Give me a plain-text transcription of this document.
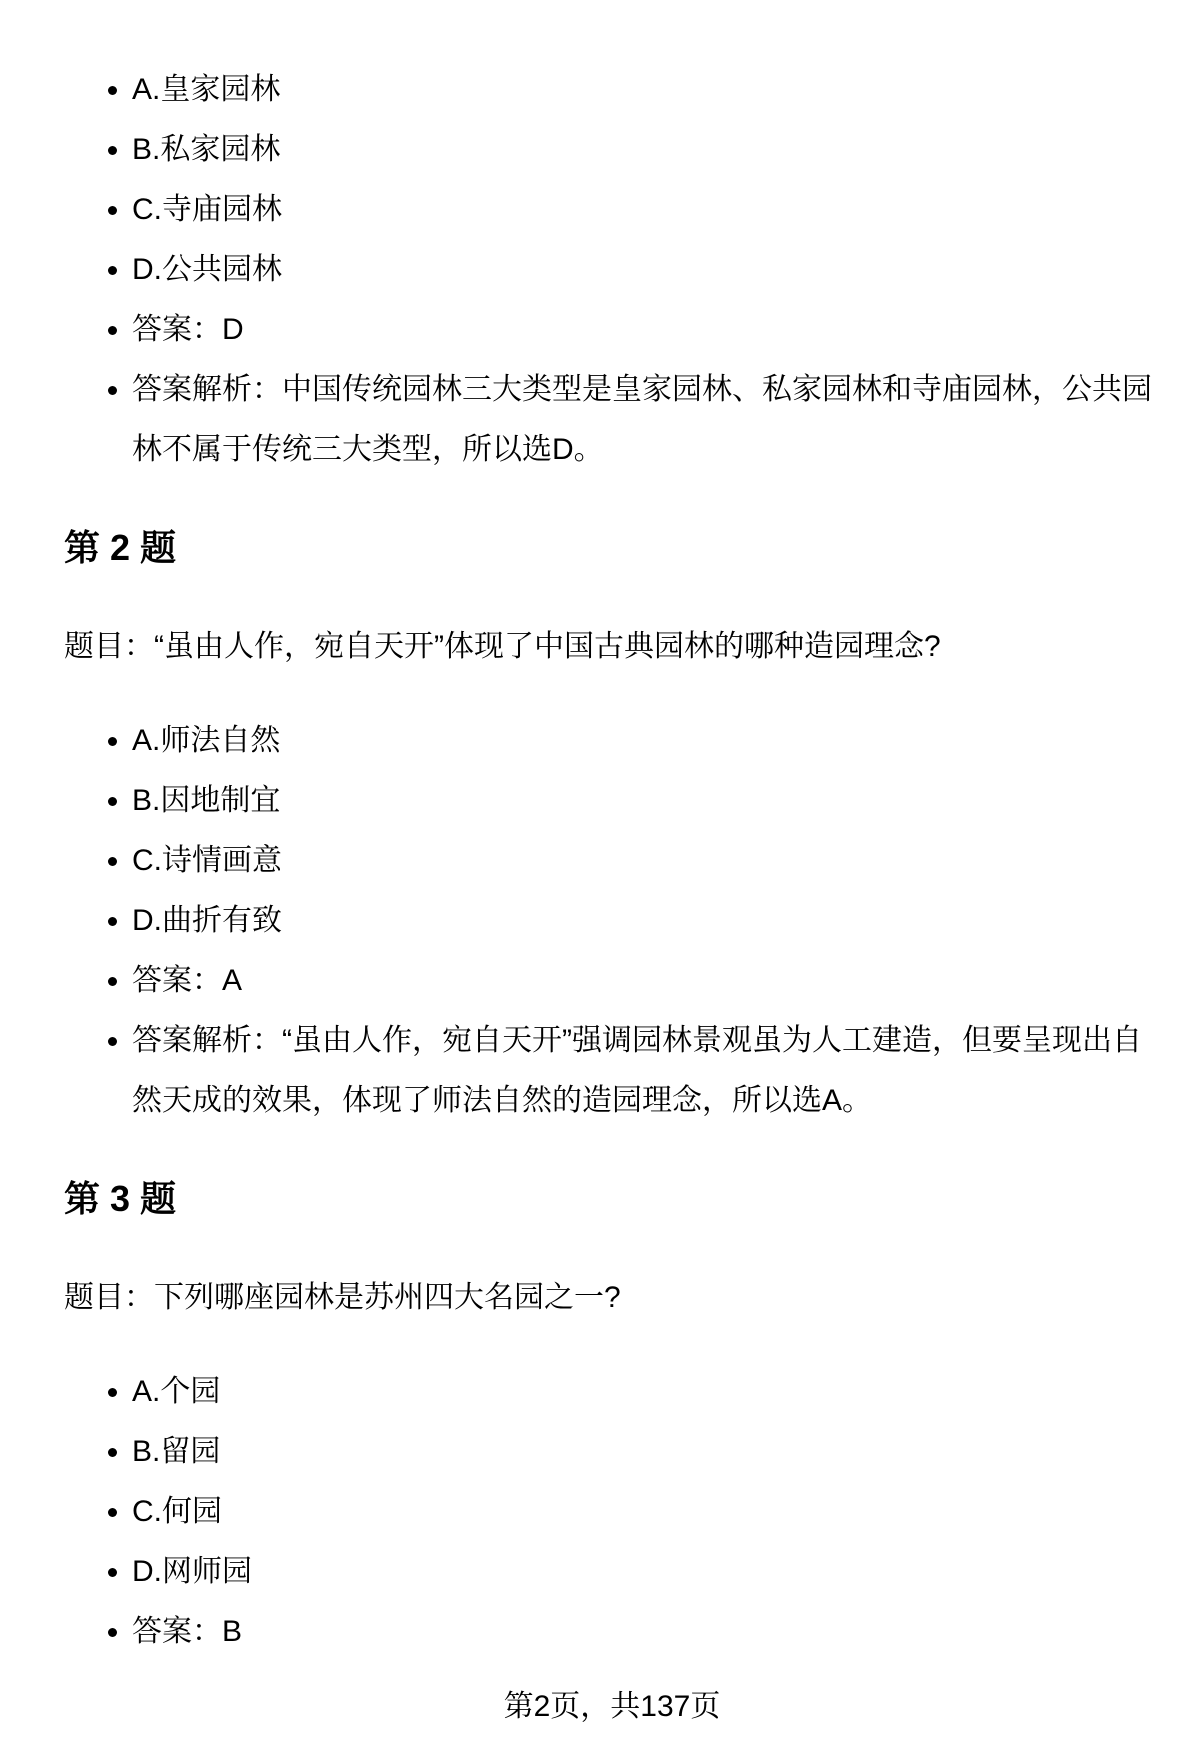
• A.皇家园林
• B.私家园林
• C.寺庙园林
• D.公共园林
• 答案：D
• 答案解析：中国传统园林三大类型是皇家园林、私家园林和寺庙园林，公共园林不属于传统三大类型，所以选D。
第 2 题

题目：“虽由人作，宛自天开”体现了中国古典园林的哪种造园理念?

• A.师法自然
• B.因地制宜
• C.诗情画意
• D.曲折有致
• 答案：A
• 答案解析：“虽由人作，宛自天开”强调园林景观虽为人工建造，但要呈现出自然天成的效果，体现了师法自然的造园理念，所以选A。
第 3 题

题目：下列哪座园林是苏州四大名园之一?

• A.个园
• B.留园
• C.何园
• D.网师园
• 答案：B
第2页，共137页
